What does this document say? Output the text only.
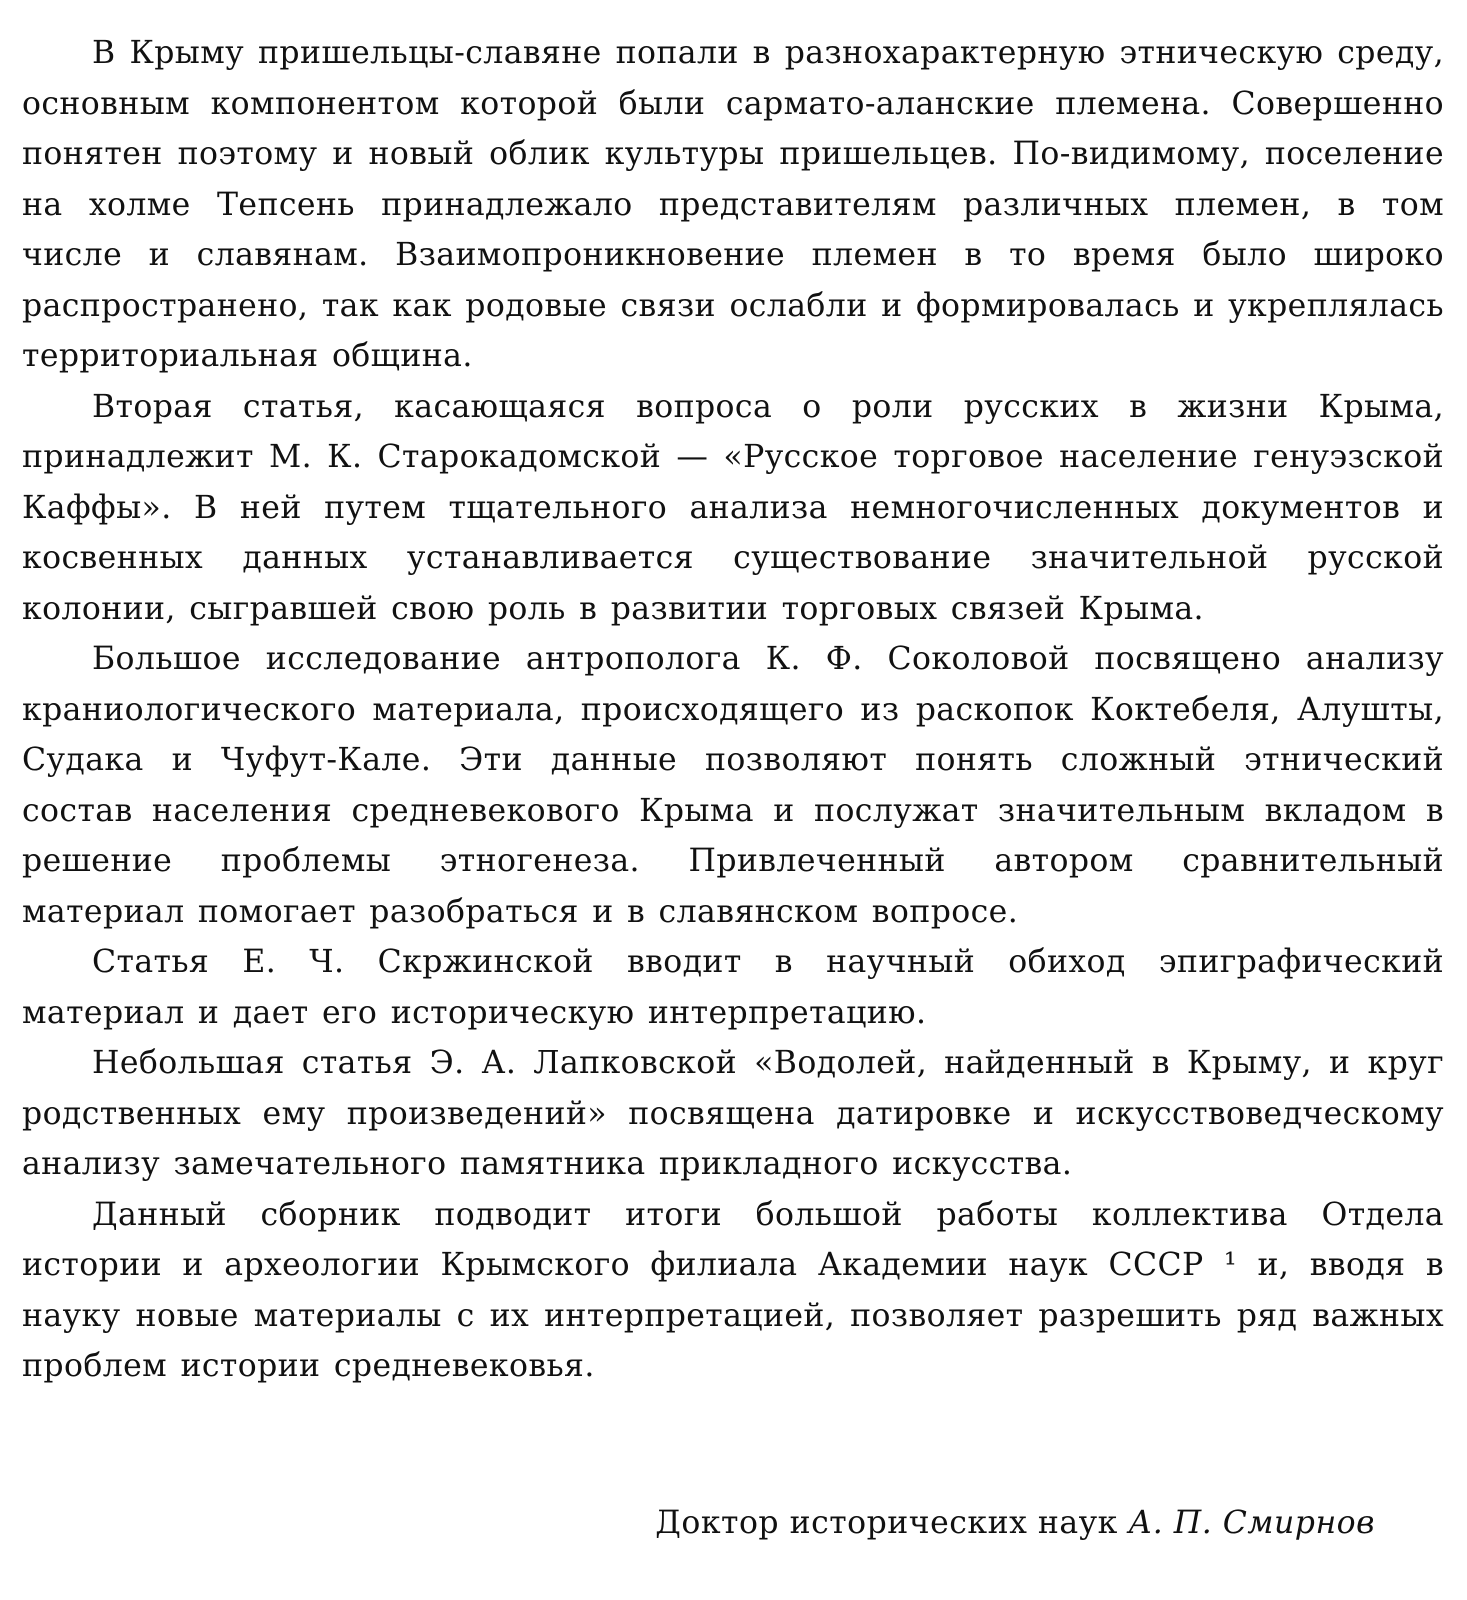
В Крыму пришельцы-славяне попали в разнохарактерную этническую среду, основным компонентом которой были сармато-аланские племена. Совершенно понятен поэтому и новый облик культуры пришельцев. По-видимому, поселение на холме Тепсень принадлежало представителям различных племен, в том числе и славянам. Взаимопроникновение племен в то время было широко распространено, так как родовые связи ослабли и формировалась и укреплялась территориальная община.

Вторая статья, касающаяся вопроса о роли русских в жизни Крыма, принадлежит М. К. Старокадомской — «Русское торговое население генуэзской Каффы». В ней путем тщательного анализа немногочисленных документов и косвенных данных устанавливается существование значительной русской колонии, сыгравшей свою роль в развитии торговых связей Крыма.

Большое исследование антрополога К. Ф. Соколовой посвящено анализу краниологического материала, происходящего из раскопок Коктебеля, Алушты, Судака и Чуфут-Кале. Эти данные позволяют понять сложный этнический состав населения средневекового Крыма и послужат значительным вкладом в решение проблемы этногенеза. Привлеченный автором сравнительный материал помогает разобраться и в славянском вопросе.

Статья Е. Ч. Скржинской вводит в научный обиход эпиграфический материал и дает его историческую интерпретацию.

Небольшая статья Э. А. Лапковской «Водолей, найденный в Крыму, и круг родственных ему произведений» посвящена датировке и искусствоведческому анализу замечательного памятника прикладного искусства.

Данный сборник подводит итоги большой работы коллектива Отдела истории и археологии Крымского филиала Академии наук СССР ¹ и, вводя в науку новые материалы с их интерпретацией, позволяет разрешить ряд важных проблем истории средневековья.

Доктор исторических наук А. П. Смирнов
